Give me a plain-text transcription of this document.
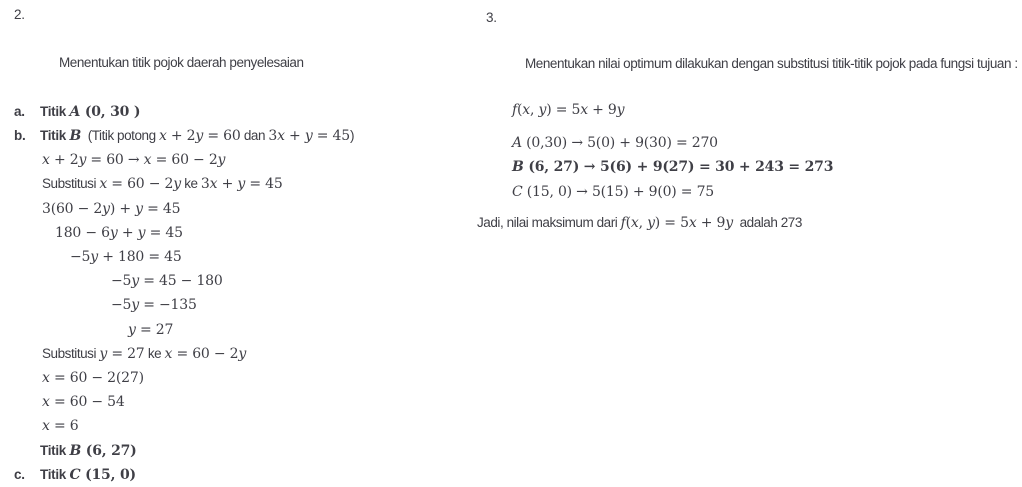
2.

Menentukan titik pojok daerah penyelesaian

a. Titik A (0, 30 )
b. Titik B  (Titik potong x + 2y = 60 dan 3x + y = 45)
x + 2y = 60 → x = 60 − 2y
Substitusi x = 60 − 2y ke 3x + y = 45
3(60 − 2y) + y = 45
180 − 6y + y = 45
−5y + 180 = 45
−5y = 45 − 180
−5y = −135
y = 27
Substitusi y = 27 ke x = 60 − 2y
x = 60 − 2(27)
x = 60 − 54
x = 6
Titik B (6, 27)
c. Titik C (15, 0)

3.

Menentukan nilai optimum dilakukan dengan substitusi titik-titik pojok pada fungsi tujuan :

f(x, y) = 5x + 9y
A (0,30) → 5(0) + 9(30) = 270
B (6, 27) → 5(6) + 9(27) = 30 + 243 = 273
C (15, 0) → 5(15) + 9(0) = 75
Jadi, nilai maksimum dari f(x, y) = 5x + 9y  adalah 273
